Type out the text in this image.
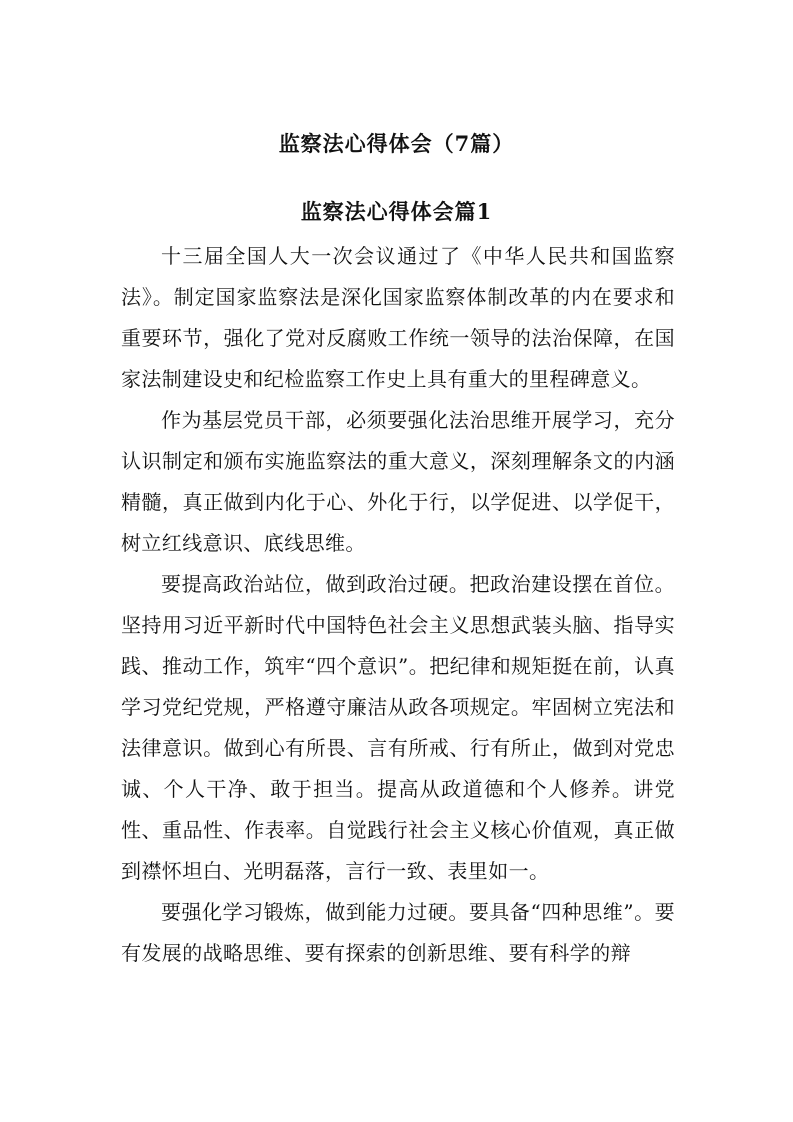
监察法心得体会（7篇）
监察法心得体会篇1

十三届全国人大一次会议通过了《中华人民共和国监察法》。制定国家监察法是深化国家监察体制改革的内在要求和重要环节，强化了党对反腐败工作统一领导的法治保障，在国家法制建设史和纪检监察工作史上具有重大的里程碑意义。

作为基层党员干部，必须要强化法治思维开展学习，充分认识制定和颁布实施监察法的重大意义，深刻理解条文的内涵精髓，真正做到内化于心、外化于行，以学促进、以学促干，树立红线意识、底线思维。

要提高政治站位，做到政治过硬。把政治建设摆在首位。坚持用习近平新时代中国特色社会主义思想武装头脑、指导实践、推动工作，筑牢“四个意识”。把纪律和规矩挺在前，认真学习党纪党规，严格遵守廉洁从政各项规定。牢固树立宪法和法律意识。做到心有所畏、言有所戒、行有所止，做到对党忠诚、个人干净、敢于担当。提高从政道德和个人修养。讲党性、重品性、作表率。自觉践行社会主义核心价值观，真正做到襟怀坦白、光明磊落，言行一致、表里如一。

要强化学习锻炼，做到能力过硬。要具备“四种思维”。要有发展的战略思维、要有探索的创新思维、要有科学的辩
